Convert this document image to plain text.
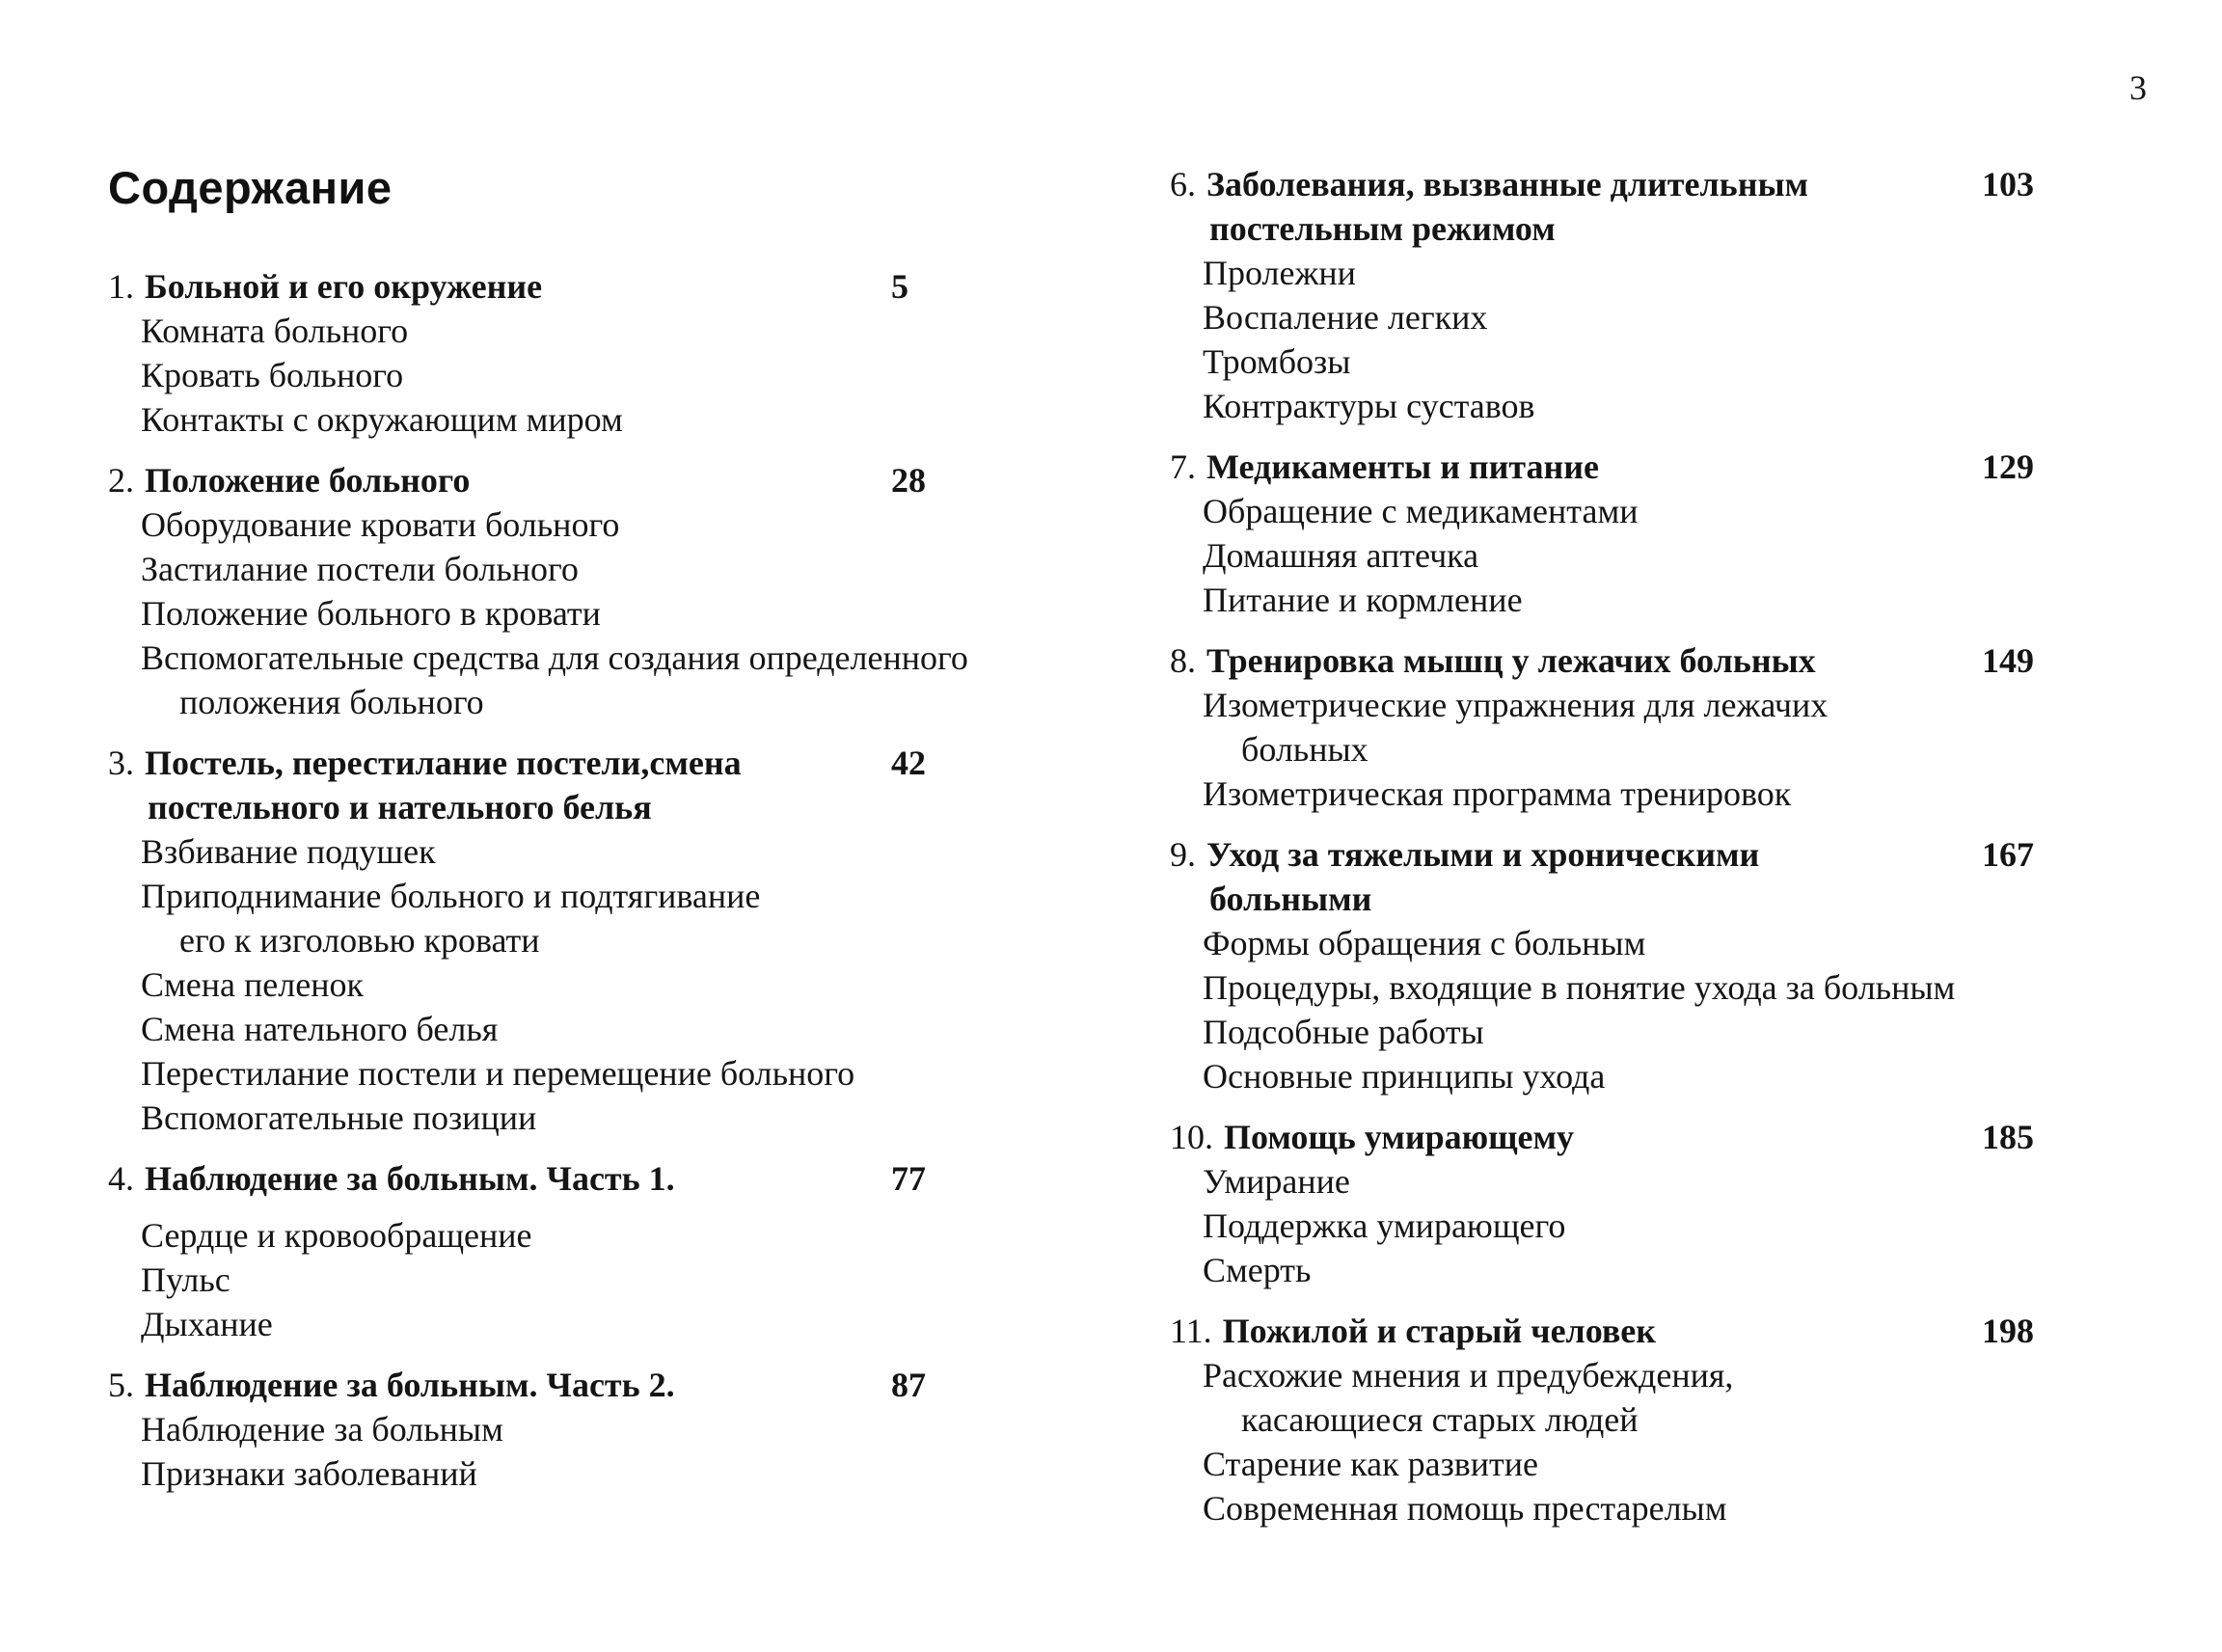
3
Содержание
1. Больной и его окружение	5
Комната больного
Кровать больного
Контакты с окружающим миром
2. Положение больного	28
Оборудование кровати больного
Застилание постели больного
Положение больного в кровати
Вспомогательные средства для создания определенного
положения больного
3. Постель, перестилание постели,смена	42
постельного и нательного белья
Взбивание подушек
Приподнимание больного и подтягивание
его к изголовью кровати
Смена пеленок
Смена нательного белья
Перестилание постели и перемещение больного
Вспомогательные позиции
4. Наблюдение за больным. Часть 1.	77
Сердце и кровообращение
Пульс
Дыхание
5. Наблюдение за больным. Часть 2.	87
Наблюдение за больным
Признаки заболеваний
6. Заболевания, вызванные длительным	103
постельным режимом
Пролежни
Воспаление легких
Тромбозы
Контрактуры суставов
7. Медикаменты и питание	129
Обращение с медикаментами
Домашняя аптечка
Питание и кормление
8. Тренировка мышц у лежачих больных	149
Изометрические упражнения для лежачих
больных
Изометрическая программа тренировок
9. Уход за тяжелыми и хроническими	167
больными
Формы обращения с больным
Процедуры, входящие в понятие ухода за больным
Подсобные работы
Основные принципы ухода
10. Помощь умирающему	185
Умирание
Поддержка умирающего
Смерть
11. Пожилой и старый человек	198
Расхожие мнения и предубеждения,
касающиеся старых людей
Старение как развитие
Современная помощь престарелым
